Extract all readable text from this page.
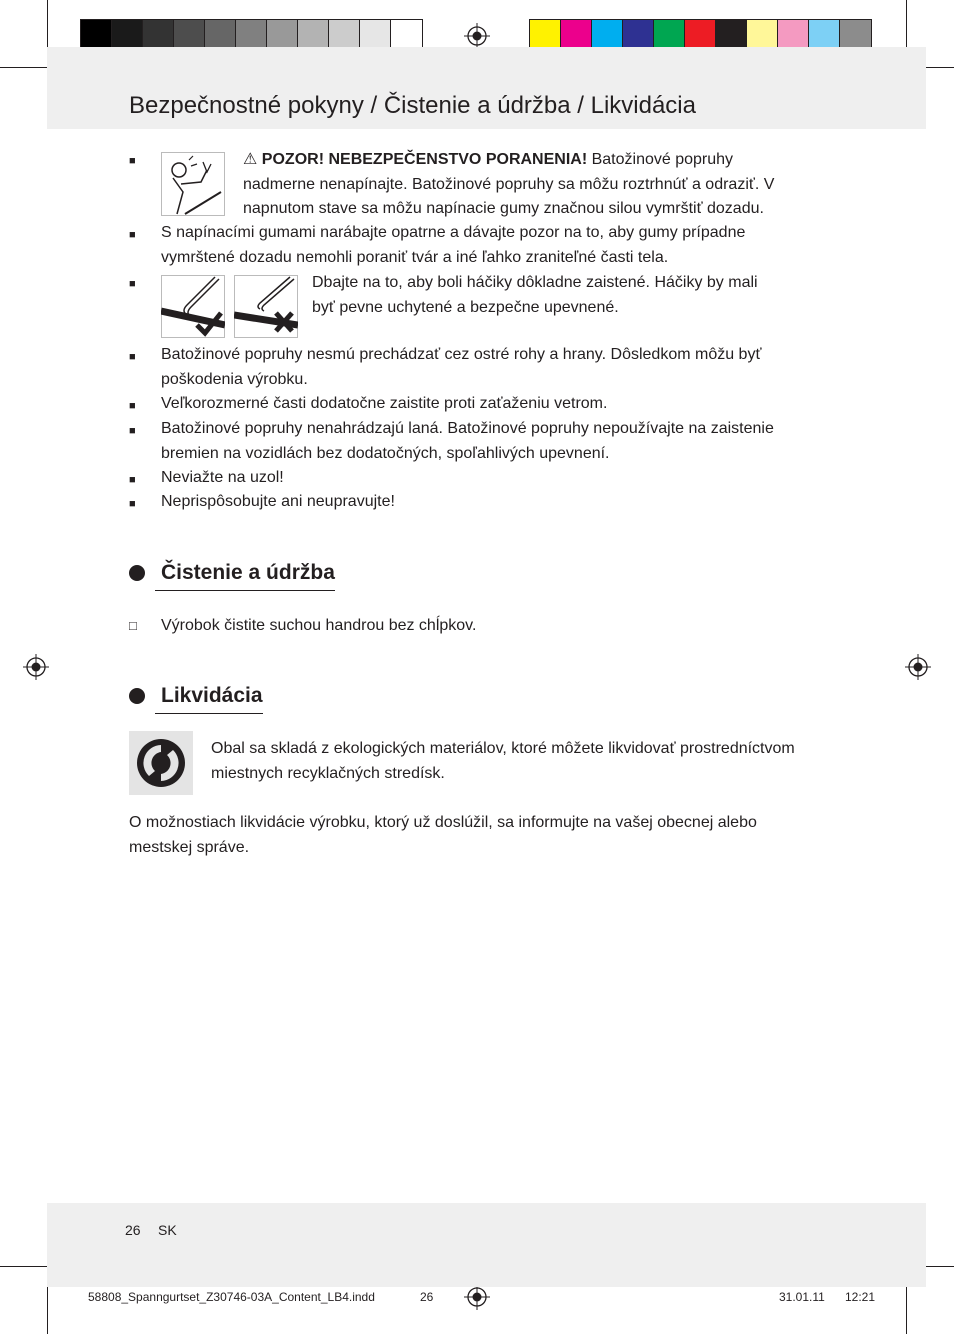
Bezpečnostné pokyny / Čistenie a údržba / Likvidácia
■	⚠ POZOR! NEBEZPEČENSTVO PORANENIA! Batožinové popruhy
nadmerne nenapínajte. Batožinové popruhy sa môžu roztrhnúť a odraziť. V
napnutom stave sa môžu napínacie gumy značnou silou vymrštiť dozadu.
■ S napínacími gumami narábajte opatrne a dávajte pozor na to, aby gumy prípadne
vymrštené dozadu nemohli poraniť tvár a iné ľahko zraniteľné časti tela.
■	Dbajte na to, aby boli háčiky dôkladne zaistené. Háčiky by mali
byť pevne uchytené a bezpečne upevnené.
■ Batožinové popruhy nesmú prechádzať cez ostré rohy a hrany. Dôsledkom môžu byť
poškodenia výrobku.
■ Veľkorozmerné časti dodatočne zaistite proti zaťaženiu vetrom.
■ Batožinové popruhy nenahrádzajú laná. Batožinové popruhy nepoužívajte na zaistenie
bremien na vozidlách bez dodatočných, spoľahlivých upevnení.
■ Neviažte na uzol!
■ Neprispôsobujte ani neupravujte!
Čistenie a údržba
□ Výrobok čistite suchou handrou bez chĺpkov.
Likvidácia
Obal sa skladá z ekologických materiálov, ktoré môžete likvidovať prostredníctvom
miestnych recyklačných stredísk.
O možnostiach likvidácie výrobku, ktorý už doslúžil, sa informujte na vašej obecnej alebo
mestskej správe.
26 SK
58808_Spanngurtset_Z30746-03A_Content_LB4.indd	26	31.01.11 12:21
